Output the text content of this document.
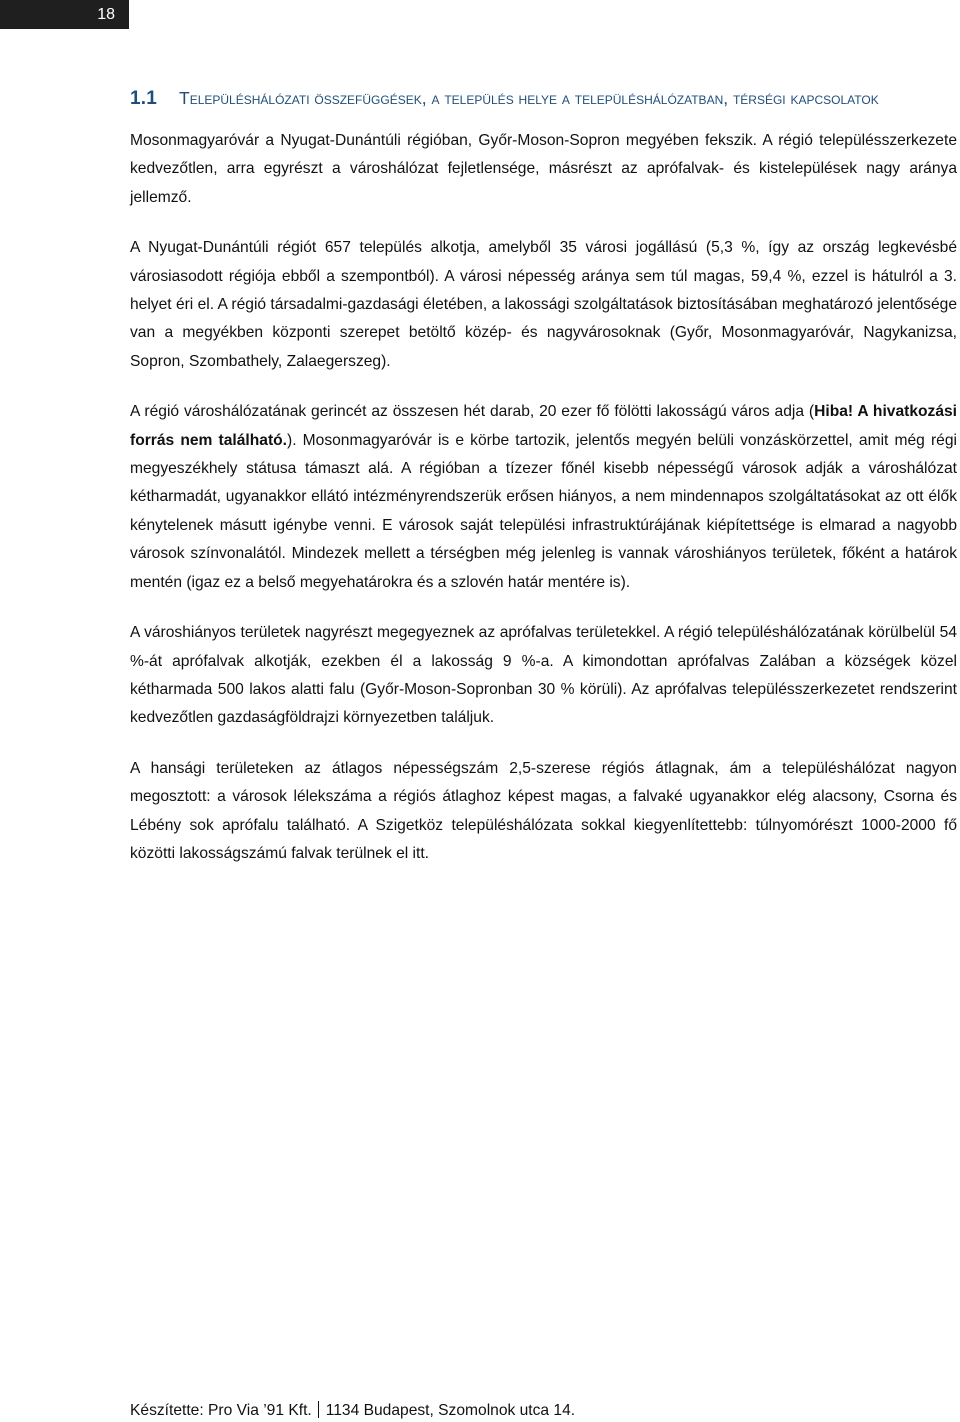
18
1.1 Településhálózati összefüggések, a település helye a településhálózatban, térségi kapcsolatok

Mosonmagyaróvár a Nyugat-Dunántúli régióban, Győr-Moson-Sopron megyében fekszik. A régió településszerkezete kedvezőtlen, arra egyrészt a városhálózat fejletlensége, másrészt az aprófalvak- és kistelepülések nagy aránya jellemző.

A Nyugat-Dunántúli régiót 657 település alkotja, amelyből 35 városi jogállású (5,3 %, így az ország legkevésbé városiasodott régiója ebből a szempontból). A városi népesség aránya sem túl magas, 59,4 %, ezzel is hátulról a 3. helyet éri el. A régió társadalmi-gazdasági életében, a lakossági szolgáltatások biztosításában meghatározó jelentősége van a megyékben központi szerepet betöltő közép- és nagyvárosoknak (Győr, Mosonmagyaróvár, Nagykanizsa, Sopron, Szombathely, Zalaegerszeg).

A régió városhálózatának gerincét az összesen hét darab, 20 ezer fő fölötti lakosságú város adja (Hiba! A hivatkozási forrás nem található.). Mosonmagyaróvár is e körbe tartozik, jelentős megyén belüli vonzáskörzettel, amit még régi megyeszékhely státusa támaszt alá. A régióban a tízezer főnél kisebb népességű városok adják a városhálózat kétharmadát, ugyanakkor ellátó intézményrendszerük erősen hiányos, a nem mindennapos szolgáltatásokat az ott élők kénytelenek másutt igénybe venni. E városok saját települési infrastruktúrájának kiépítettsége is elmarad a nagyobb városok színvonalától. Mindezek mellett a térségben még jelenleg is vannak városhiányos területek, főként a határok mentén (igaz ez a belső megyehatárokra és a szlovén határ mentére is).

A városhiányos területek nagyrészt megegyeznek az aprófalvas területekkel. A régió településhálózatának körülbelül 54 %-át aprófalvak alkotják, ezekben él a lakosság 9 %-a. A kimondottan aprófalvas Zalában a községek közel kétharmada 500 lakos alatti falu (Győr-Moson-Sopronban 30 % körüli). Az aprófalvas településszerkezetet rendszerint kedvezőtlen gazdaságföldrajzi környezetben találjuk.

A hansági területeken az átlagos népességszám 2,5-szerese régiós átlagnak, ám a településhálózat nagyon megosztott: a városok lélekszáma a régiós átlaghoz képest magas, a falvaké ugyanakkor elég alacsony, Csorna és Lébény sok aprófalu található. A Szigetköz településhálózata sokkal kiegyenlítettebb: túlnyomórészt 1000-2000 fő közötti lakosságszámú falvak terülnek el itt.

Készítette: Pro Via ’91 Kft. 1134 Budapest, Szomolnok utca 14.
